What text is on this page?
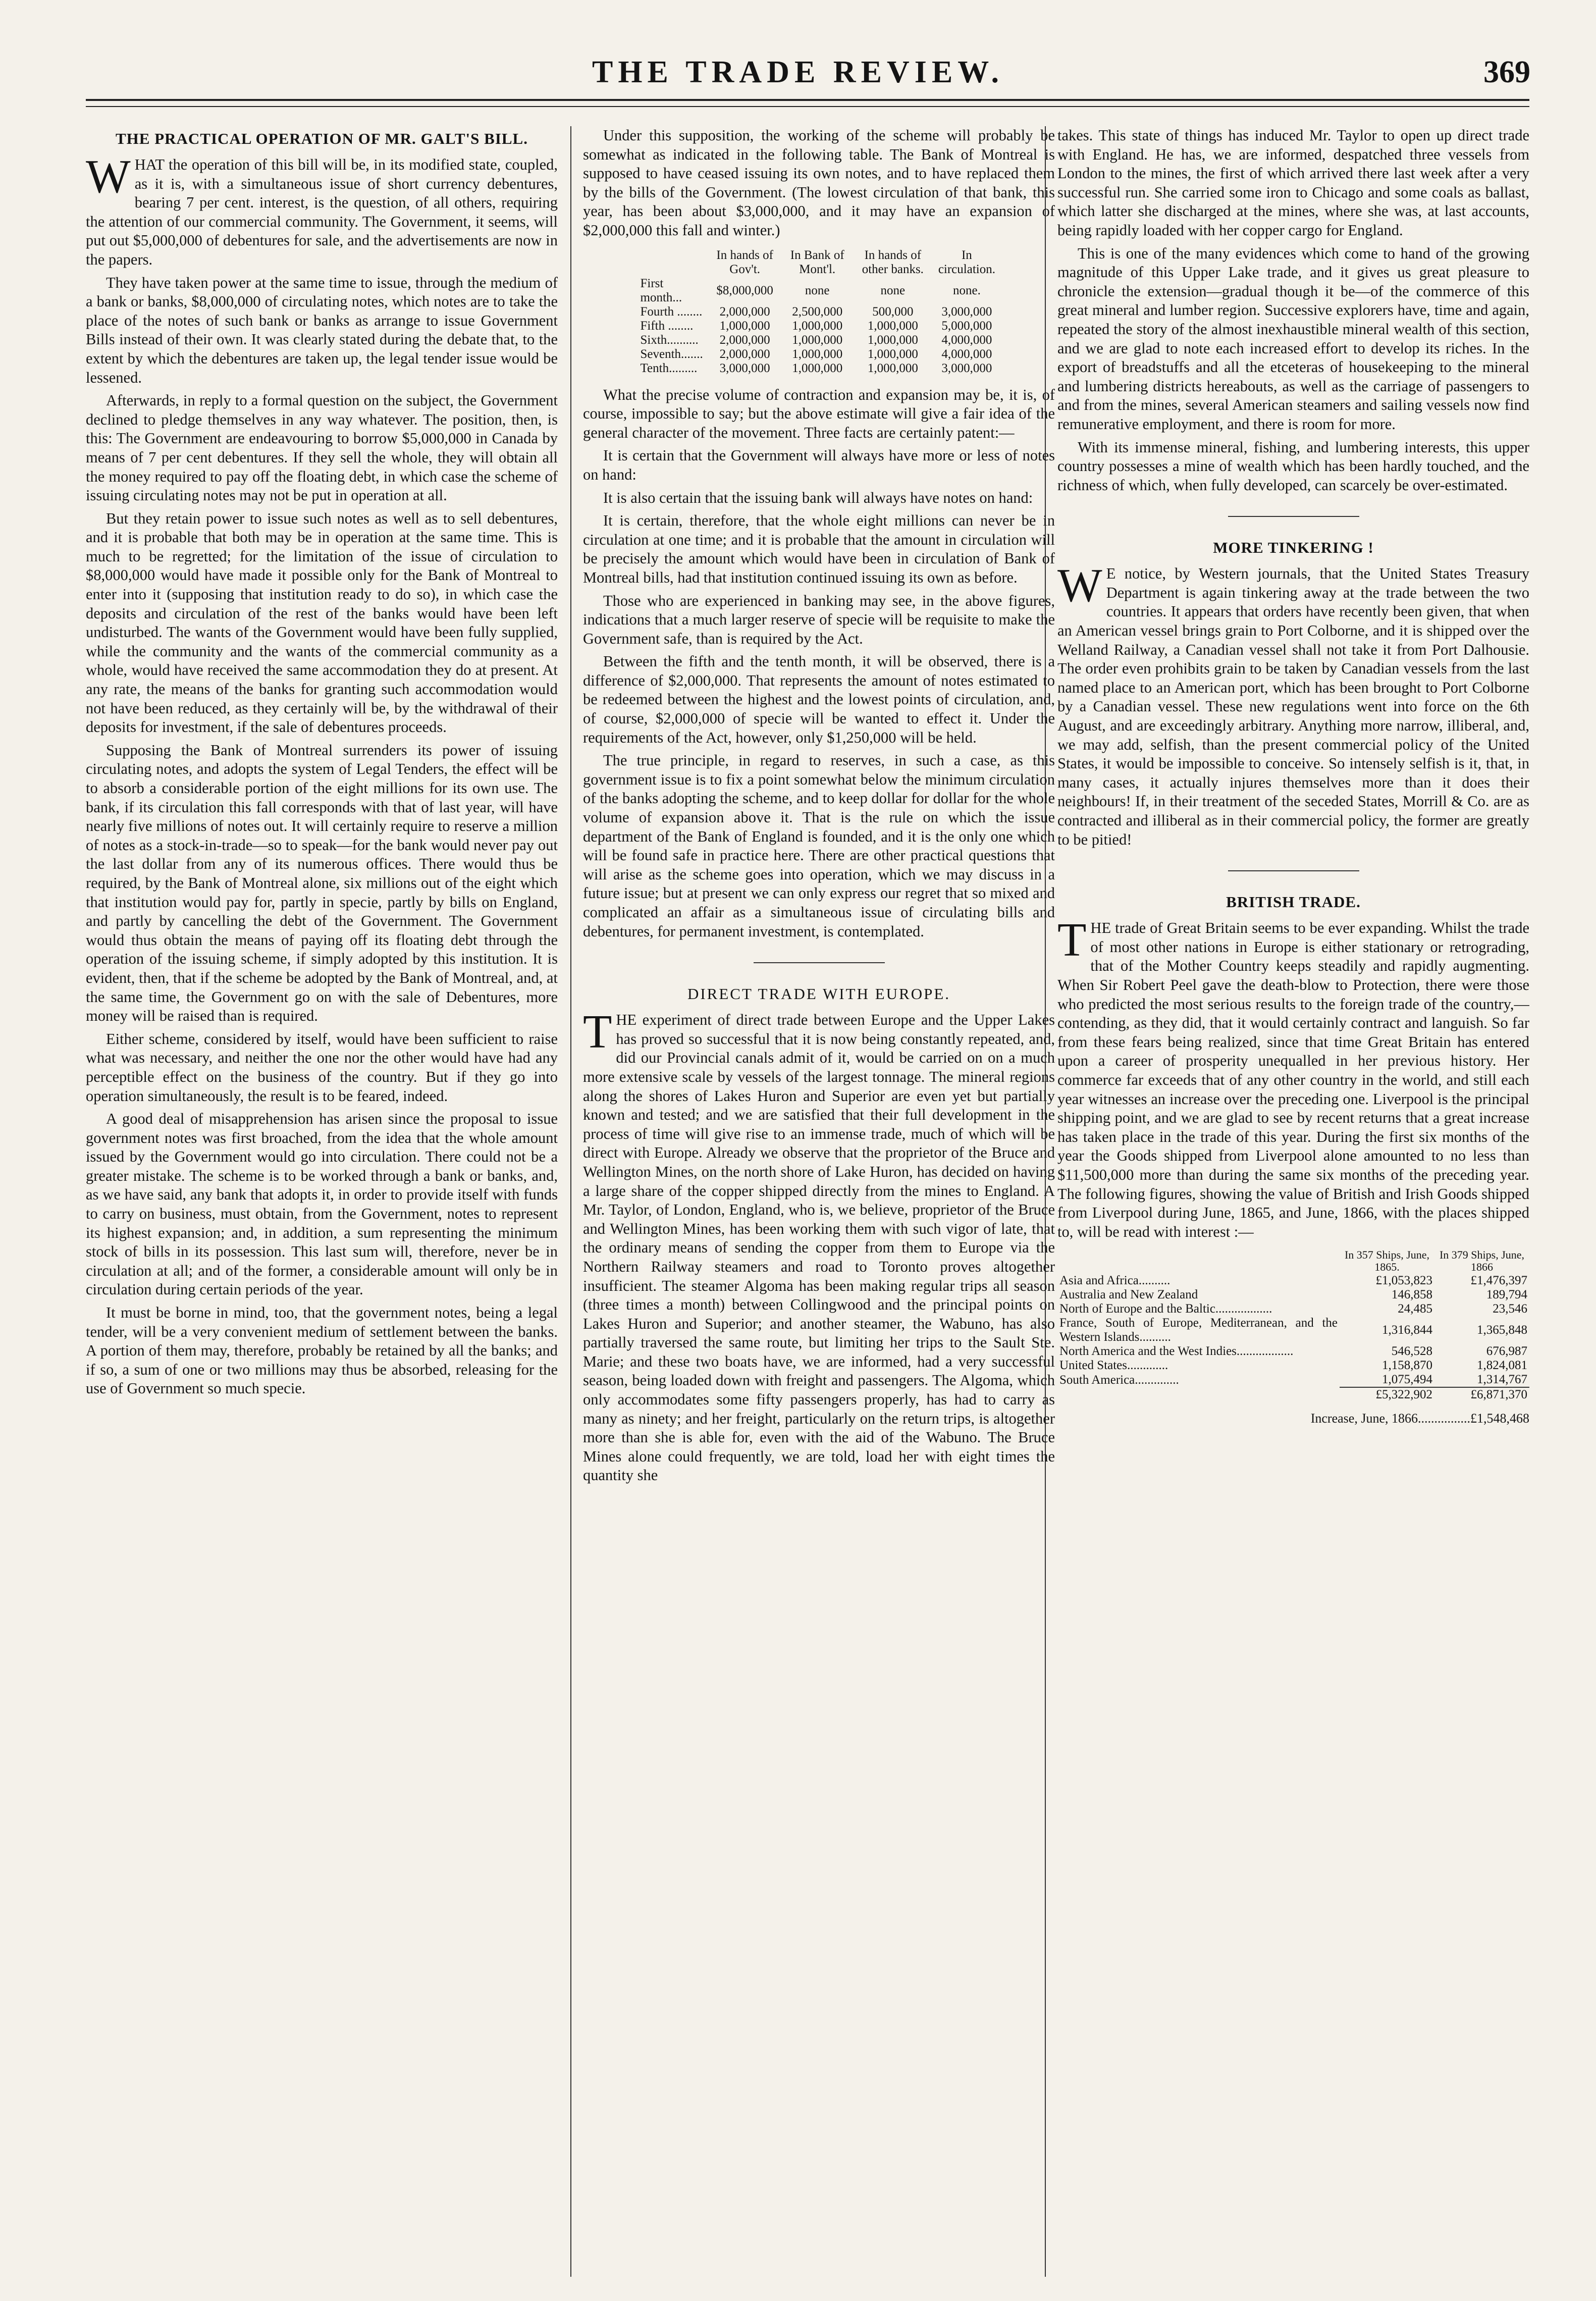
THE TRADE REVIEW.	369
THE PRACTICAL OPERATION OF MR. GALT'S BILL.

WHAT the operation of this bill will be, in its modified state, coupled, as it is, with a simultaneous issue of short currency debentures, bearing 7 per cent. interest, is the question, of all others, requiring the attention of our commercial community. The Government, it seems, will put out $5,000,000 of debentures for sale, and the advertisements are now in the papers.

They have taken power at the same time to issue, through the medium of a bank or banks, $8,000,000 of circulating notes, which notes are to take the place of the notes of such bank or banks as arrange to issue Government Bills instead of their own. It was clearly stated during the debate that, to the extent by which the debentures are taken up, the legal tender issue would be lessened.

Afterwards, in reply to a formal question on the subject, the Government declined to pledge themselves in any way whatever. The position, then, is this: The Government are endeavouring to borrow $5,000,000 in Canada by means of 7 per cent debentures. If they sell the whole, they will obtain all the money required to pay off the floating debt, in which case the scheme of issuing circulating notes may not be put in operation at all.

But they retain power to issue such notes as well as to sell debentures, and it is probable that both may be in operation at the same time. This is much to be regretted; for the limitation of the issue of circulation to $8,000,000 would have made it possible only for the Bank of Montreal to enter into it (supposing that institution ready to do so), in which case the deposits and circulation of the rest of the banks would have been left undisturbed. The wants of the Government would have been fully supplied, while the community and the wants of the commercial community as a whole, would have received the same accommodation they do at present. At any rate, the means of the banks for granting such accommodation would not have been reduced, as they certainly will be, by the withdrawal of their deposits for investment, if the sale of debentures proceeds.

Supposing the Bank of Montreal surrenders its power of issuing circulating notes, and adopts the system of Legal Tenders, the effect will be to absorb a considerable portion of the eight millions for its own use. The bank, if its circulation this fall corresponds with that of last year, will have nearly five millions of notes out. It will certainly require to reserve a million of notes as a stock-in-trade—so to speak—for the bank would never pay out the last dollar from any of its numerous offices. There would thus be required, by the Bank of Montreal alone, six millions out of the eight which that institution would pay for, partly in specie, partly by bills on England, and partly by cancelling the debt of the Government. The Government would thus obtain the means of paying off its floating debt through the operation of the issuing scheme, if simply adopted by this institution. It is evident, then, that if the scheme be adopted by the Bank of Montreal, and, at the same time, the Government go on with the sale of Debentures, more money will be raised than is required.

Either scheme, considered by itself, would have been sufficient to raise what was necessary, and neither the one nor the other would have had any perceptible effect on the business of the country. But if they go into operation simultaneously, the result is to be feared, indeed.

A good deal of misapprehension has arisen since the proposal to issue government notes was first broached, from the idea that the whole amount issued by the Government would go into circulation. There could not be a greater mistake. The scheme is to be worked through a bank or banks, and, as we have said, any bank that adopts it, in order to provide itself with funds to carry on business, must obtain, from the Government, notes to represent its highest expansion; and, in addition, a sum representing the minimum stock of bills in its possession. This last sum will, therefore, never be in circulation at all; and of the former, a considerable amount will only be in circulation during certain periods of the year.

It must be borne in mind, too, that the government notes, being a legal tender, will be a very convenient medium of settlement between the banks. A portion of them may, therefore, probably be retained by all the banks; and if so, a sum of one or two millions may thus be absorbed, releasing for the use of Government so much specie.

Under this supposition, the working of the scheme will probably be somewhat as indicated in the following table. The Bank of Montreal is supposed to have ceased issuing its own notes, and to have replaced them by the bills of the Government. (The lowest circulation of that bank, this year, has been about $3,000,000, and it may have an expansion of $2,000,000 this fall and winter.)

	In hands of Gov't.	In Bank of Mont'l.	In hands of other banks.	In circulation.
First month...	$8,000,000	none	none	none.
Fourth ........	2,000,000	2,500,000	500,000	3,000,000
Fifth ........	1,000,000	1,000,000	1,000,000	5,000,000
Sixth..........	2,000,000	1,000,000	1,000,000	4,000,000
Seventh.......	2,000,000	1,000,000	1,000,000	4,000,000
Tenth.........	3,000,000	1,000,000	1,000,000	3,000,000

What the precise volume of contraction and expansion may be, it is, of course, impossible to say; but the above estimate will give a fair idea of the general character of the movement. Three facts are certainly patent:—

It is certain that the Government will always have more or less of notes on hand:

It is also certain that the issuing bank will always have notes on hand:

It is certain, therefore, that the whole eight millions can never be in circulation at one time; and it is probable that the amount in circulation will be precisely the amount which would have been in circulation of Bank of Montreal bills, had that institution continued issuing its own as before.

Those who are experienced in banking may see, in the above figures, indications that a much larger reserve of specie will be requisite to make the Government safe, than is required by the Act.

Between the fifth and the tenth month, it will be observed, there is a difference of $2,000,000. That represents the amount of notes estimated to be redeemed between the highest and the lowest points of circulation, and, of course, $2,000,000 of specie will be wanted to effect it. Under the requirements of the Act, however, only $1,250,000 will be held.

The true principle, in regard to reserves, in such a case, as this government issue is to fix a point somewhat below the minimum circulation of the banks adopting the scheme, and to keep dollar for dollar for the whole volume of expansion above it. That is the rule on which the issue department of the Bank of England is founded, and it is the only one which will be found safe in practice here. There are other practical questions that will arise as the scheme goes into operation, which we may discuss in a future issue; but at present we can only express our regret that so mixed and complicated an affair as a simultaneous issue of circulating bills and debentures, for permanent investment, is contemplated.

DIRECT TRADE WITH EUROPE.

THE experiment of direct trade between Europe and the Upper Lakes has proved so successful that it is now being constantly repeated, and, did our Provincial canals admit of it, would be carried on on a much more extensive scale by vessels of the largest tonnage. The mineral regions along the shores of Lakes Huron and Superior are even yet but partially known and tested; and we are satisfied that their full development in the process of time will give rise to an immense trade, much of which will be direct with Europe. Already we observe that the proprietor of the Bruce and Wellington Mines, on the north shore of Lake Huron, has decided on having a large share of the copper shipped directly from the mines to England. A Mr. Taylor, of London, England, who is, we believe, proprietor of the Bruce and Wellington Mines, has been working them with such vigor of late, that the ordinary means of sending the copper from them to Europe via the Northern Railway steamers and road to Toronto proves altogether insufficient. The steamer Algoma has been making regular trips all season (three times a month) between Collingwood and the principal points on Lakes Huron and Superior; and another steamer, the Wabuno, has also partially traversed the same route, but limiting her trips to the Sault Ste. Marie; and these two boats have, we are informed, had a very successful season, being loaded down with freight and passengers. The Algoma, which only accommodates some fifty passengers properly, has had to carry as many as ninety; and her freight, particularly on the return trips, is altogether more than she is able for, even with the aid of the Wabuno. The Bruce Mines alone could frequently, we are told, load her with eight times the quantity she

takes. This state of things has induced Mr. Taylor to open up direct trade with England. He has, we are informed, despatched three vessels from London to the mines, the first of which arrived there last week after a very successful run. She carried some iron to Chicago and some coals as ballast, which latter she discharged at the mines, where she was, at last accounts, being rapidly loaded with her copper cargo for England.

This is one of the many evidences which come to hand of the growing magnitude of this Upper Lake trade, and it gives us great pleasure to chronicle the extension—gradual though it be—of the commerce of this great mineral and lumber region. Successive explorers have, time and again, repeated the story of the almost inexhaustible mineral wealth of this section, and we are glad to note each increased effort to develop its riches. In the export of breadstuffs and all the etceteras of housekeeping to the mineral and lumbering districts hereabouts, as well as the carriage of passengers to and from the mines, several American steamers and sailing vessels now find remunerative employment, and there is room for more.

With its immense mineral, fishing, and lumbering interests, this upper country possesses a mine of wealth which has been hardly touched, and the richness of which, when fully developed, can scarcely be over-estimated.

MORE TINKERING !

W E notice, by Western journals, that the United States Treasury Department is again tinkering away at the trade between the two countries. It appears that orders have recently been given, that when an American vessel brings grain to Port Colborne, and it is shipped over the Welland Railway, a Canadian vessel shall not take it from Port Dalhousie. The order even prohibits grain to be taken by Canadian vessels from the last named place to an American port, which has been brought to Port Colborne by a Canadian vessel. These new regulations went into force on the 6th August, and are exceedingly arbitrary. Anything more narrow, illiberal, and, we may add, selfish, than the present commercial policy of the United States, it would be impossible to conceive. So intensely selfish is it, that, in many cases, it actually injures themselves more than it does their neighbours! If, in their treatment of the seceded States, Morrill & Co. are as contracted and illiberal as in their commercial policy, the former are greatly to be pitied!

BRITISH TRADE.

THE trade of Great Britain seems to be ever expanding. Whilst the trade of most other nations in Europe is either stationary or retrograding, that of the Mother Country keeps steadily and rapidly augmenting. When Sir Robert Peel gave the death-blow to Protection, there were those who predicted the most serious results to the foreign trade of the country,—contending, as they did, that it would certainly contract and languish. So far from these fears being realized, since that time Great Britain has entered upon a career of prosperity unequalled in her previous history. Her commerce far exceeds that of any other country in the world, and still each year witnesses an increase over the preceding one. Liverpool is the principal shipping point, and we are glad to see by recent returns that a great increase has taken place in the trade of this year. During the first six months of the year the Goods shipped from Liverpool alone amounted to no less than $11,500,000 more than during the same six months of the preceding year. The following figures, showing the value of British and Irish Goods shipped from Liverpool during June, 1865, and June, 1866, with the places shipped to, will be read with interest :—

	In 357 Ships, June, 1865.	In 379 Ships, June, 1866
Asia and Africa..........	£1,053,823	£1,476,397
Australia and New Zealand	146,858	189,794
North of Europe and the Baltic..................	24,485	23,546
France, South of Europe, Mediterranean, and the Western Islands..........	1,316,844	1,365,848
North America and the West Indies..................	546,528	676,987
United States.............	1,158,870	1,824,081
South America..............	1,075,494	1,314,767
	£5,322,902	£6,871,370
Increase, June, 1866................£1,548,468
